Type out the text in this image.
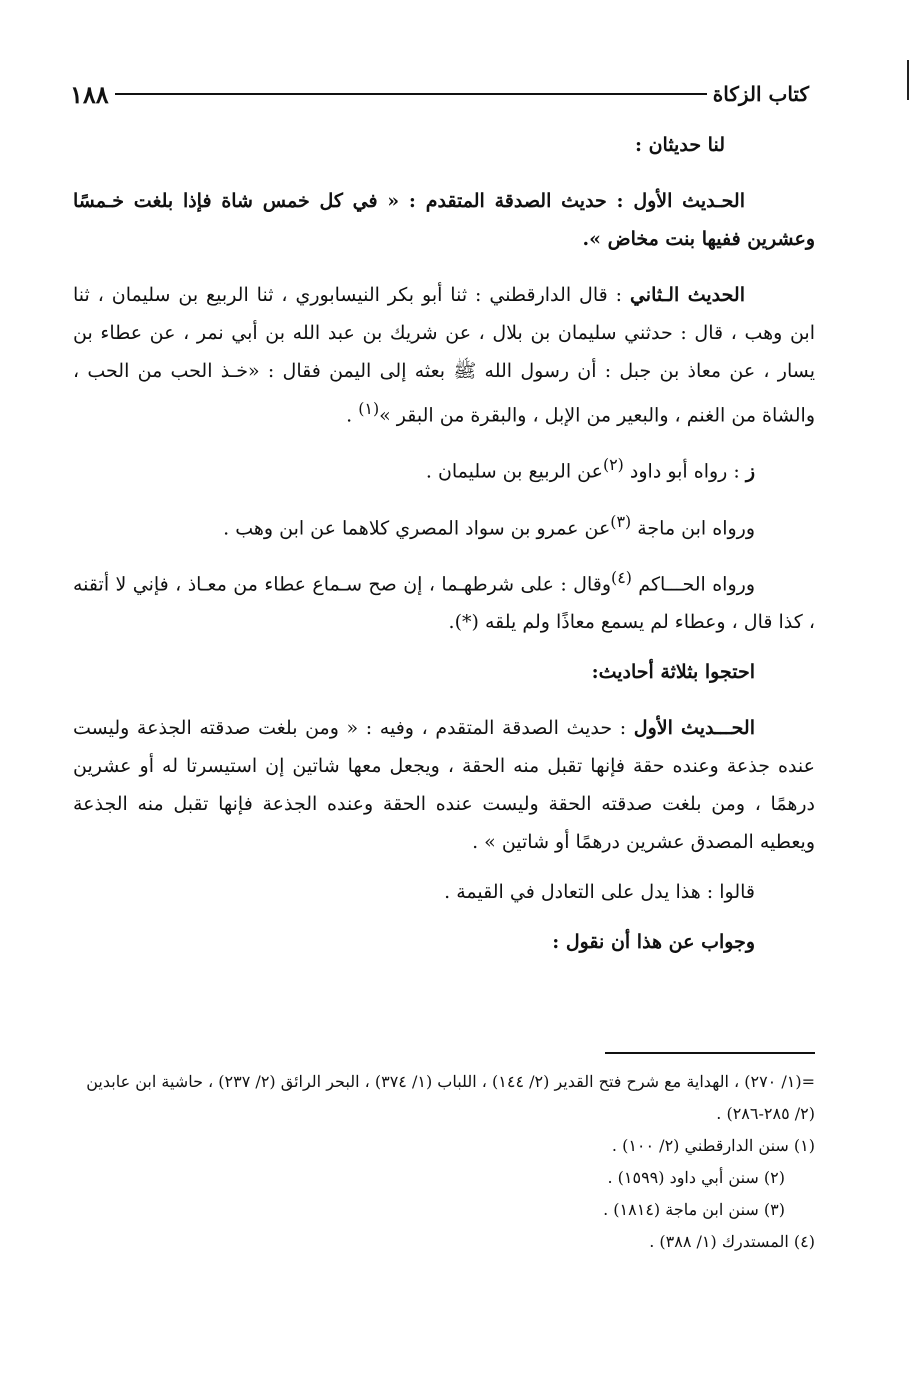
كتاب الزكاة
١٨٨

لنا حديثان :

الحـديث الأول : حديث الصدقة المتقدم : « في كل خمس شاة فإذا بلغت خـمسًا وعشرين ففيها بنت مخاض ».

الحديث الـثاني : قال الدارقطني : ثنا أبو بكر النيسابوري ، ثنا الربيع بن سليمان ، ثنا ابن وهب ، قال : حدثني سليمان بن بلال ، عن شريك بن عبد الله بن أبي نمر ، عن عطاء بن يسار ، عن معاذ بن جبل : أن رسول الله ﷺ بعثه إلى اليمن فقال : «خـذ الحب من الحب ، والشاة من الغنم ، والبعير من الإبل ، والبقرة من البقر »$^{(١)}$ .

ز : رواه أبو داود $^{(٢)}$عن الربيع بن سليمان .

ورواه ابن ماجة $^{(٣)}$عن عمرو بن سواد المصري كلاهما عن ابن وهب .

ورواه الحـــاكم $^{(٤)}$وقال : على شرطهـما ، إن صح سـماع عطاء من معـاذ ، فإني لا أتقنه ، كذا قال ، وعطاء لم يسمع معاذًا ولم يلقه (*).

احتجوا بثلاثة أحاديث:

الحـــديث الأول : حديث الصدقة المتقدم ، وفيه : « ومن بلغت صدقته الجذعة وليست عنده جذعة وعنده حقة فإنها تقبل منه الحقة ، ويجعل معها شاتين إن استيسرتا له أو عشرين درهمًا ، ومن بلغت صدقته الحقة وليست عنده الحقة وعنده الجذعة فإنها تقبل منه الجذعة ويعطيه المصدق عشرين درهمًا أو شاتين » .

قالوا : هذا يدل على التعادل في القيمة .

وجواب عن هذا أن نقول :

=(١/ ٢٧٠) ، الهداية مع شرح فتح القدير (٢/ ١٤٤) ، اللباب (١/ ٣٧٤) ، البحر الرائق (٢/ ٢٣٧) ، حاشية ابن عابدين (٢/ ٢٨٥-٢٨٦) .

(١) سنن الدارقطني (٢/ ١٠٠) .

(٢) سنن أبي داود (١٥٩٩) .

(٣) سنن ابن ماجة (١٨١٤) .

(٤) المستدرك (١/ ٣٨٨) .
